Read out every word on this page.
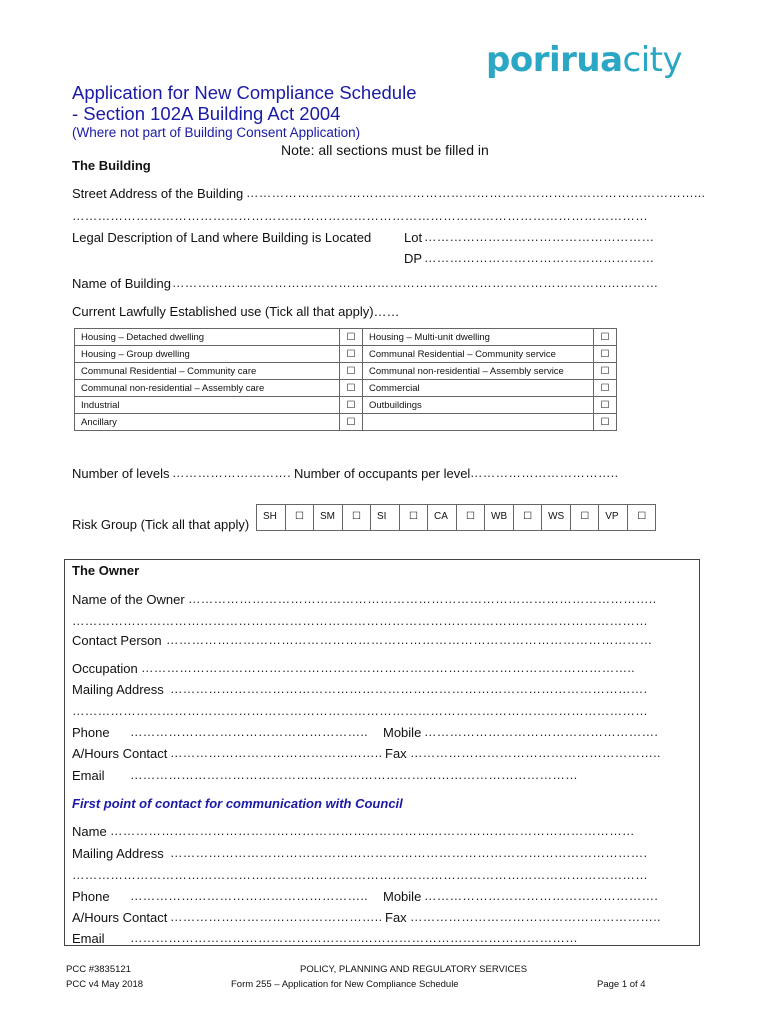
poriruacity
Application for New Compliance Schedule
- Section 102A Building Act 2004
(Where not part of Building Consent Application)
Note: all sections must be filled in
The Building
Street Address of the Building ……………………………………………………………………………………………...
………………………………………………………………………………………………………………………
Legal Description of Land where Building is Located	Lot ………………………………………………
DP ………………………………………………
Name of Building ……………………………………………………………………………………………………
Current Lawfully Established use (Tick all that apply)……
Housing – Detached dwelling	☐	Housing – Multi-unit dwelling	☐
Housing – Group dwelling	☐	Communal Residential – Community service	☐
Communal Residential – Community care	☐	Communal non-residential – Assembly service	☐
Communal non-residential – Assembly care	☐	Commercial	☐
Industrial	☐	Outbuildings	☐
Ancillary	☐		☐
Number of levels ………………………. Number of occupants per level ……………………………..
Risk Group (Tick all that apply)
SH	☐	SM	☐	SI	☐	CA	☐	WB	☐	WS	☐	VP	☐
The Owner
Name of the Owner ………………………………………………………………………………………………..
………………………………………………………………………………………………………………………
Contact Person ……………………………………………………………………………………………………
Occupation ……………………………………………………………………………………………………..
Mailing Address ………………………………………………………………………………………………….
………………………………………………………………………………………………………………………
Phone ……………………………………………….. Mobile ……………………………………………….
A/Hours Contact ………………………………………….. Fax …………………………………………………..
Email ……………………………………………………………………………………………
First point of contact for communication with Council
Name ……………………………………………………………………………………………………………
Mailing Address ………………………………………………………………………………………………….
………………………………………………………………………………………………………………………
Phone ……………………………………………….. Mobile ……………………………………………….
A/Hours Contact ………………………………………….. Fax …………………………………………………..
Email ……………………………………………………………………………………………
PCC #3835121
PCC v4 May 2018
POLICY, PLANNING AND REGULATORY SERVICES
Form 255 – Application for New Compliance Schedule	Page 1 of 4
